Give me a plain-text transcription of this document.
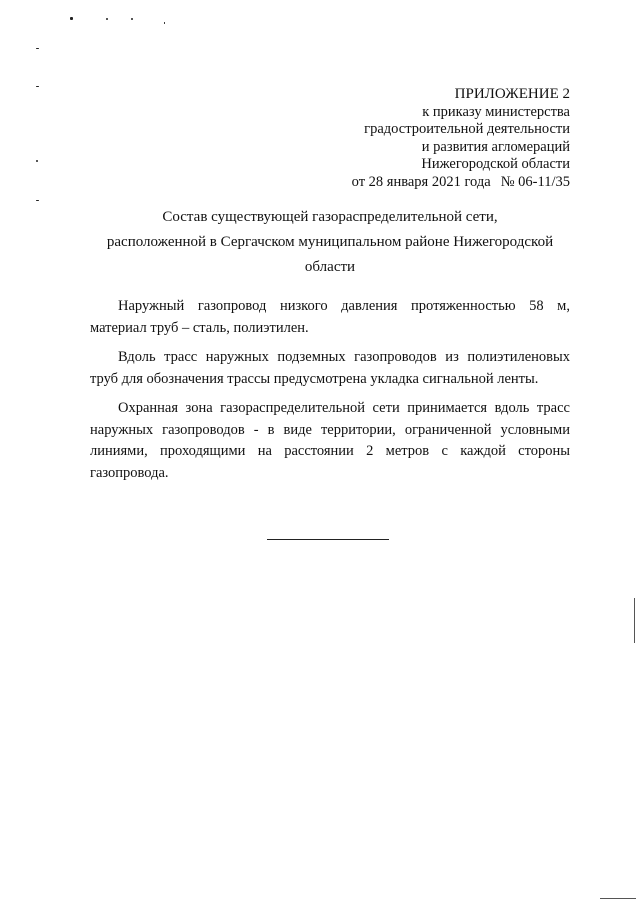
ПРИЛОЖЕНИЕ 2
к приказу министерства
градостроительной деятельности
и развития агломераций
Нижегородской области
от 28 января 2021 года № 06-11/35
Состав существующей газораспределительной сети,
расположенной в Сергачском муниципальном районе Нижегородской
области

Наружный газопровод низкого давления протяженностью 58 м, материал труб – сталь, полиэтилен.

Вдоль трасс наружных подземных газопроводов из полиэтиленовых труб для обозначения трассы предусмотрена укладка сигнальной ленты.

Охранная зона газораспределительной сети принимается вдоль трасс наружных газопроводов - в виде территории, ограниченной условными линиями, проходящими на расстоянии 2 метров с каждой стороны газопровода.
